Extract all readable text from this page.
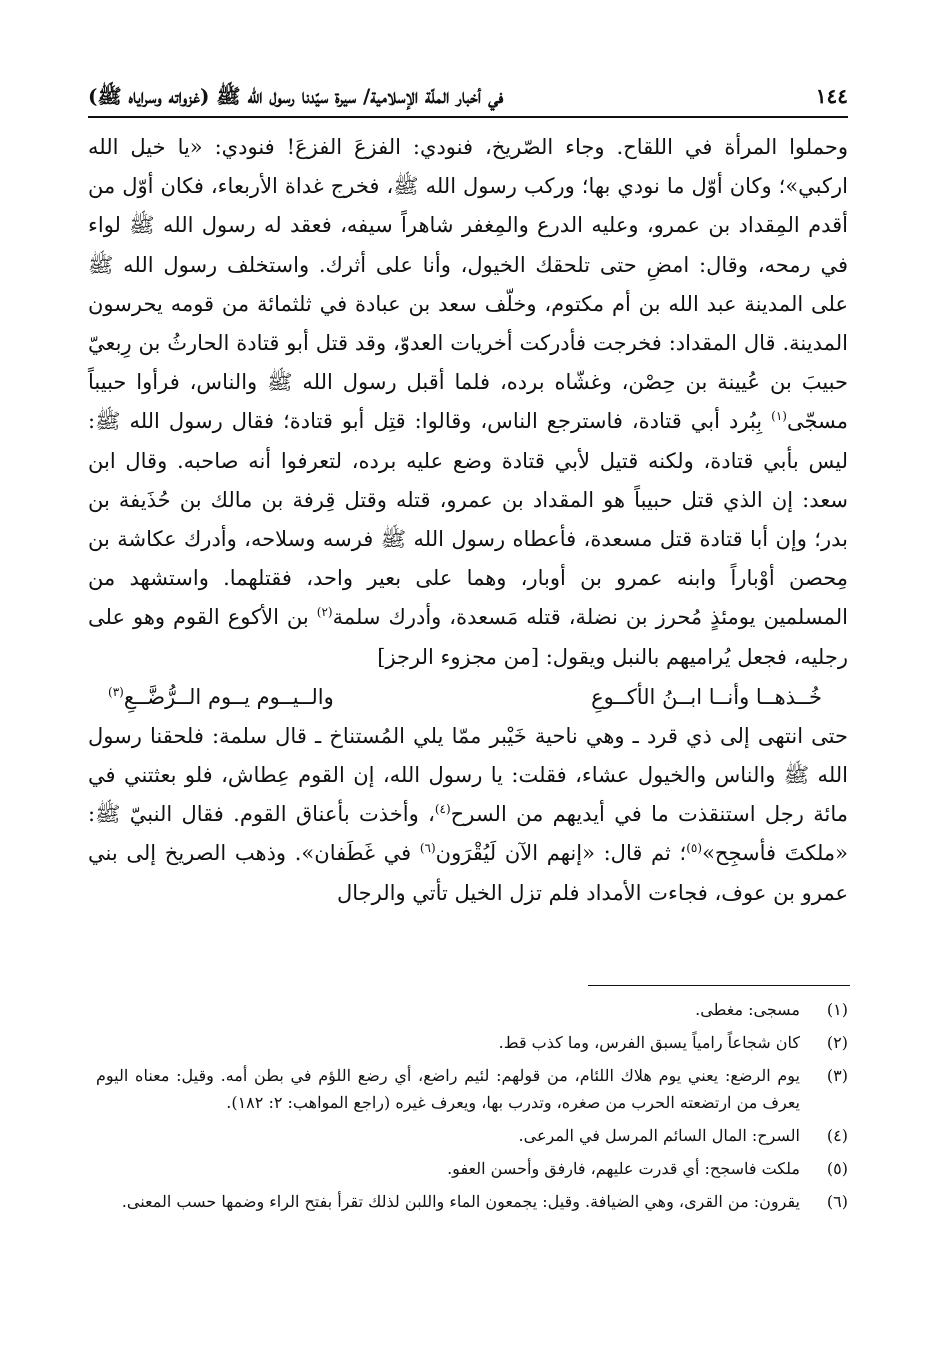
١٤٤
في أخبار الملّة الإسلامية/ سيرة سيّدنا رسول الله ﷺ (غزواته وسراياه ﷺ)

وحملوا المرأة في اللقاح. وجاء الصّريخ، فنودي: الفزعَ الفزعَ! فنودي: «يا خيل الله اركبي»؛ وكان أوّل ما نودي بها؛ وركب رسول الله ﷺ، فخرج غداة الأربعاء، فكان أوّل من أقدم المِقداد بن عمرو، وعليه الدرع والمِغفر شاهراً سيفه، فعقد له رسول الله ﷺ لواء في رمحه، وقال: امضِ حتى تلحقك الخيول، وأنا على أثرك. واستخلف رسول الله ﷺ على المدينة عبد الله بن أم مكتوم، وخلّف سعد بن عبادة في ثلثمائة من قومه يحرسون المدينة. قال المقداد: فخرجت فأدركت أخريات العدوّ، وقد قتل أبو قتادة الحارثُ بن رِبعيّ حبيبَ بن عُيينة بن حِصْن، وغشّاه برده، فلما أقبل رسول الله ﷺ والناس، فرأوا حبيباً مسجّى$^{(١)}$ بِبُرد أبي قتادة، فاسترجع الناس، وقالوا: قتِل أبو قتادة؛ فقال رسول الله ﷺ: ليس بأبي قتادة، ولكنه قتيل لأبي قتادة وضع عليه برده، لتعرفوا أنه صاحبه. وقال ابن سعد: إن الذي قتل حبيباً هو المقداد بن عمرو، قتله وقتل قِرفة بن مالك بن حُذَيفة بن بدر؛ وإن أبا قتادة قتل مسعدة، فأعطاه رسول الله ﷺ فرسه وسلاحه، وأدرك عكاشة بن مِحصن أوْباراً وابنه عمرو بن أوبار، وهما على بعير واحد، فقتلهما. واستشهد من المسلمين يومئذٍ مُحرز بن نضلة، قتله مَسعدة، وأدرك سلمة$^{(٢)}$ بن الأكوع القوم وهو على رجليه، فجعل يُراميهم بالنبل ويقول: [من مجزوء الرجز]

خُــذهــا وأنــا ابــنُ الأكــوعِ
والــيــوم يــوم الــرُّضَّــعِ$^{(٣)}$

حتى انتهى إلى ذي قرد ـ وهي ناحية خَيْبر ممّا يلي المُستناخ ـ قال سلمة: فلحقنا رسول الله ﷺ والناس والخيول عشاء، فقلت: يا رسول الله، إن القوم عِطاش، فلو بعثتني في مائة رجل استنقذت ما في أيديهم من السرح$^{(٤)}$، وأخذت بأعناق القوم. فقال النبيّ ﷺ: «ملكتَ فأسجِح»$^{(٥)}$؛ ثم قال: «إنهم الآن لَيُقْرَون$^{(٦)}$ في غَطَفان». وذهب الصريخ إلى بني عمرو بن عوف، فجاءت الأمداد فلم تزل الخيل تأتي والرجال

(١)
مسجى: مغطى.
(٢)
كان شجاعاً رامياً يسبق الفرس، وما كذب قط.
(٣)
يوم الرضع: يعني يوم هلاك اللئام، من قولهم: لئيم راضع، أي رضع اللؤم في بطن أمه. وقيل: معناه اليوم يعرف من ارتضعته الحرب من صغره، وتدرب بها، ويعرف غيره (راجع المواهب: ٢: ١٨٢).
(٤)
السرح: المال السائم المرسل في المرعى.
(٥)
ملكت فاسجح: أي قدرت عليهم، فارفق وأحسن العفو.
(٦)
يقرون: من القرى، وهي الضيافة. وقيل: يجمعون الماء واللبن لذلك تقرأ بفتح الراء وضمها حسب المعنى.
